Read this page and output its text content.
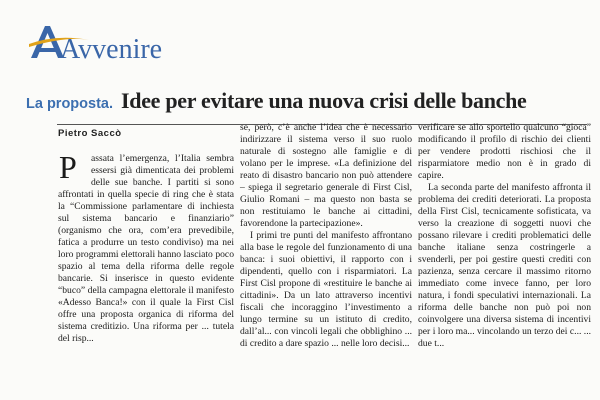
Avvenire
La proposta. Idee per evitare una nuova crisi delle banche
Pietro Saccò
P	assata l’emergenza, l’Italia sembra essersi già dimenticata dei problemi delle sue banche. I partiti si sono affrontati in quella specie di ring che è stata la “Commissione parlamentare di inchiesta sul sistema bancario e finanziario” (organismo che ora, com’era prevedibile, fatica a produrre un testo condiviso) ma nei loro programmi elettorali hanno lasciato poco spazio al tema della riforma delle regole bancarie. Si inserisce in questo evidente “buco” della campagna elettorale il manifesto «Adesso Banca!» con il quale la First Cisl offre una proposta organica di riforma del sistema creditizio. Una riforma per ... tutela del risp...

se, però, c’è anche l’idea che è necessario indirizzare il sistema verso il suo ruolo naturale di sostegno alle famiglie e di volano per le imprese. «La definizione del reato di disastro bancario non può attendere – spiega il segretario generale di First Cisl, Giulio Romani – ma questo non basta se non restituiamo le banche ai cittadini, favorendone la partecipazione».

I primi tre punti del manifesto affrontano alla base le regole del funzionamento di una banca: i suoi obiettivi, il rapporto con i dipendenti, quello con i risparmiatori. La First Cisl propone di «restituire le banche ai cittadini». Da un lato attraverso incentivi fiscali che incoraggino l’investimento a lungo termine su un istituto di credito, dall’al... con vincoli legali che obblighino ... di credito a dare spazio ... nelle loro decisi...

verificare se allo sportello qualcuno “gioca” modificando il profilo di rischio dei clienti per vendere prodotti rischiosi che il risparmiatore medio non è in grado di capire.

La seconda parte del manifesto affronta il problema dei crediti deteriorati. La proposta della First Cisl, tecnicamente sofisticata, va verso la creazione di soggetti nuovi che possano rilevare i crediti problematici delle banche italiane senza costringerle a svenderli, per poi gestire questi crediti con pazienza, senza cercare il massimo ritorno immediato come invece fanno, per loro natura, i fondi speculativi internazionali. La riforma delle banche non può poi non coinvolgere una diversa sistema di incentivi per i loro ma... vincolando un terzo dei c... ... due t...
